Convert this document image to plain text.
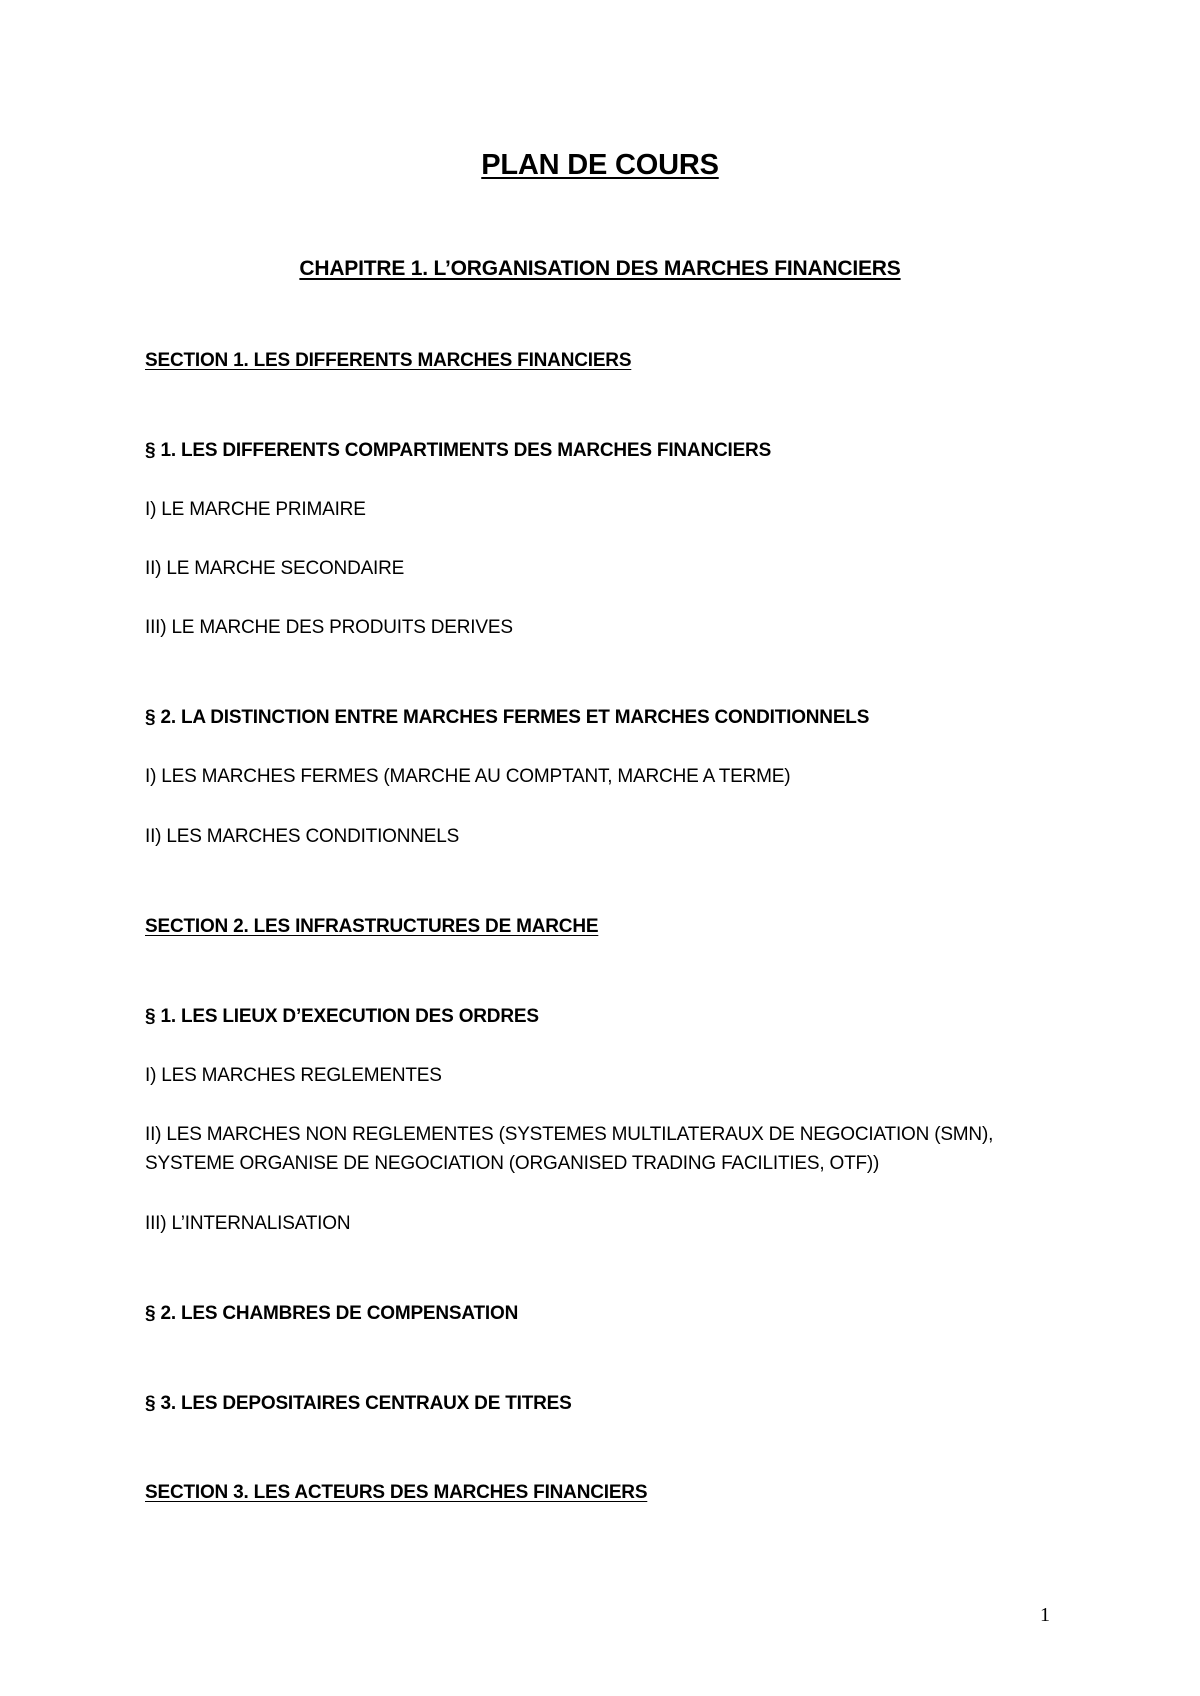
PLAN DE COURS
CHAPITRE 1. L’ORGANISATION DES MARCHES FINANCIERS
SECTION 1. LES DIFFERENTS MARCHES FINANCIERS
§ 1. LES DIFFERENTS COMPARTIMENTS DES MARCHES FINANCIERS
I) LE MARCHE PRIMAIRE
II) LE MARCHE SECONDAIRE
III) LE MARCHE DES PRODUITS DERIVES
§ 2. LA DISTINCTION ENTRE MARCHES FERMES ET MARCHES CONDITIONNELS
I) LES MARCHES FERMES (MARCHE AU COMPTANT, MARCHE A TERME)
II) LES MARCHES CONDITIONNELS
SECTION 2. LES INFRASTRUCTURES DE MARCHE
§ 1. LES LIEUX D’EXECUTION DES ORDRES
I) LES MARCHES REGLEMENTES
II) LES MARCHES NON REGLEMENTES (SYSTEMES MULTILATERAUX DE NEGOCIATION (SMN),
SYSTEME ORGANISE DE NEGOCIATION (ORGANISED TRADING FACILITIES, OTF))
III) L’INTERNALISATION
§ 2. LES CHAMBRES DE COMPENSATION
§ 3. LES DEPOSITAIRES CENTRAUX DE TITRES
SECTION 3. LES ACTEURS DES MARCHES FINANCIERS
1
